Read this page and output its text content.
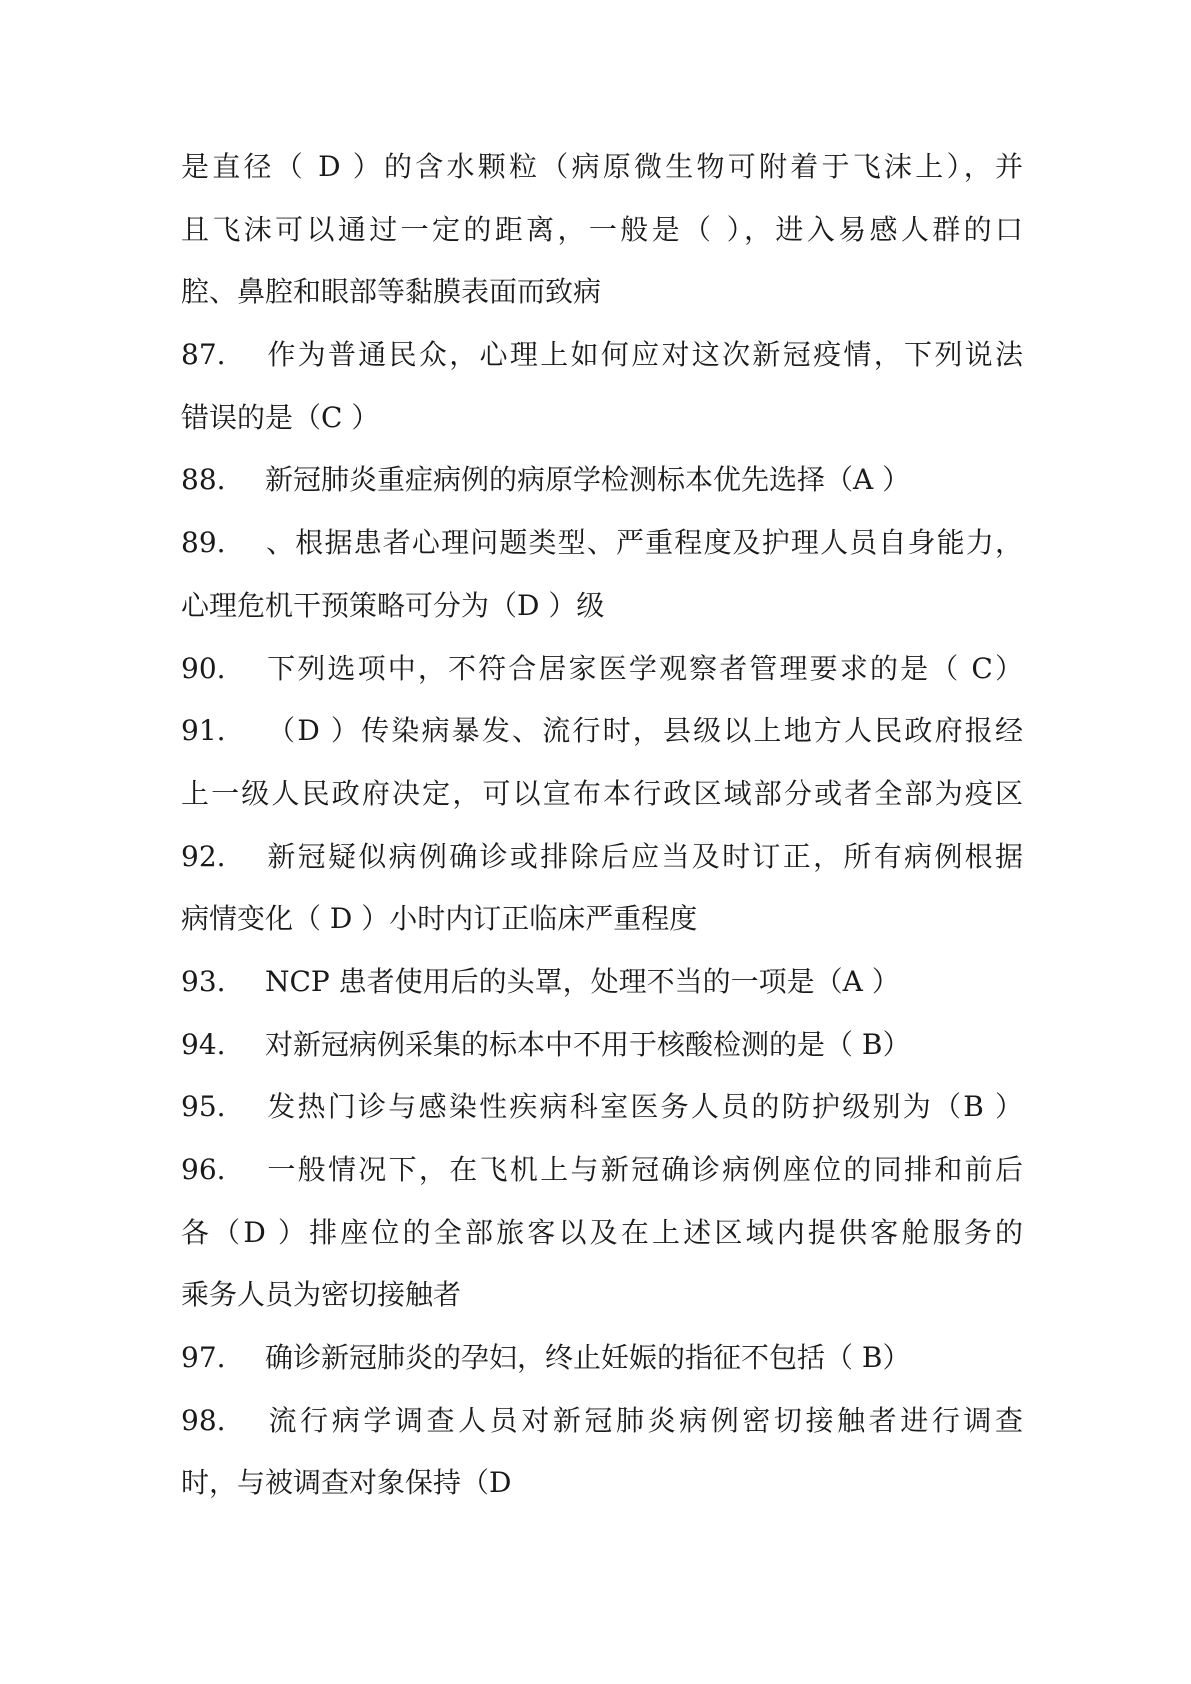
是直径（ D ）的含水颗粒（病原微生物可附着于飞沫上），并
且飞沫可以通过一定的距离，一般是（ ），进入易感人群的口
腔、鼻腔和眼部等黏膜表面而致病
87. 作为普通民众，心理上如何应对这次新冠疫情，下列说法
错误的是（C ）
88. 新冠肺炎重症病例的病原学检测标本优先选择（A ）
89. 、根据患者心理问题类型、严重程度及护理人员自身能力，
心理危机干预策略可分为（D ）级
90. 下列选项中，不符合居家医学观察者管理要求的是（ C）
91. （D ）传染病暴发、流行时，县级以上地方人民政府报经
上一级人民政府决定，可以宣布本行政区域部分或者全部为疫区
92. 新冠疑似病例确诊或排除后应当及时订正，所有病例根据
病情变化（ D ）小时内订正临床严重程度
93. NCP 患者使用后的头罩，处理不当的一项是（A ）
94. 对新冠病例采集的标本中不用于核酸检测的是（ B）
95. 发热门诊与感染性疾病科室医务人员的防护级别为（B ）
96. 一般情况下，在飞机上与新冠确诊病例座位的同排和前后
各（D ）排座位的全部旅客以及在上述区域内提供客舱服务的
乘务人员为密切接触者
97. 确诊新冠肺炎的孕妇，终止妊娠的指征不包括（ B）
98. 流行病学调查人员对新冠肺炎病例密切接触者进行调查
时，与被调查对象保持（D
